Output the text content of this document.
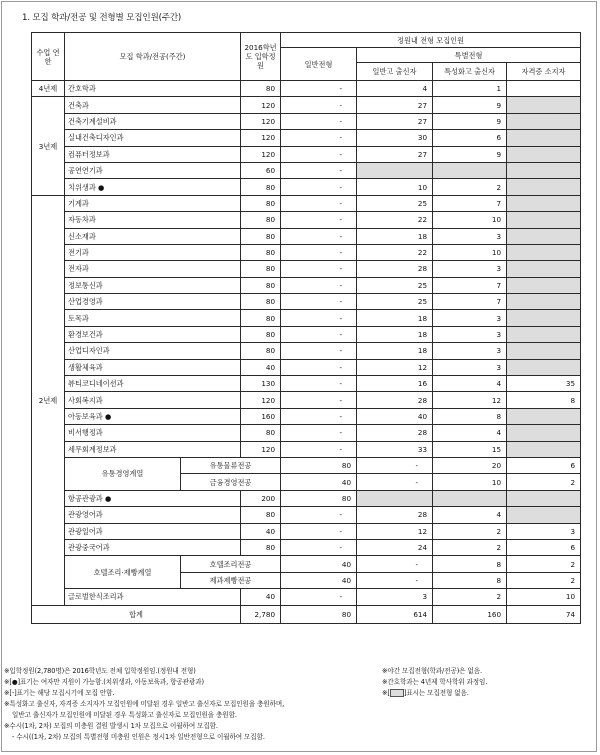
1. 모집 학과/전공 및 전형별 모집인원(주간)
수업 연한	모집 학과/전공(주간)		2016학년도 입학정원	정원내 전형 모집인원				
				일반전형	특별전형			
					일반고 출신자	특성화고 출신자	자격증 소지자	
4년제	간호학과		80	-	4	1		
3년제	건축과		120	-	27	9		
	건축기계설비과		120	-	27	9		
	실내건축디자인과		120	-	30	6		
	컴퓨터정보과		120	-	27	9		
	공연연기과		60	-				
	치위생과 ●		80	-	10	2		
2년제	기계과		80	-	25	7		
	자동차과		80	-	22	10		
	신소재과		80	-	18	3		
	전기과		80	-	22	10		
	전자과		80	-	28	3		
	정보통신과		80	-	25	7		
	산업경영과		80	-	25	7		
	토목과		80	-	18	3		
	환경보건과		80	-	18	3		
	산업디자인과		80	-	18	3		
	생활체육과		40	-	12	3		
	뷰티코디네이션과		130	-	16	4	35	
	사회복지과		120	-	28	12	8	
	아동보육과 ●		160	-	40	8		
	비서행정과		80	-	28	4		
	세무회계정보과		120	-	33	15		
	유통경영계열	유통물류전공		80	-	20	6	
		금융경영전공		40	-	10	2	
	항공관광과 ●		200	80				
	관광영어과		80	-	28	4		
	관광일어과		40	-	12	2	3	
	관광중국어과		80	-	24	2	6	
	호텔조리·제빵계열	호텔조리전공		40	-	8	2	
		제과제빵전공		40	-	8	2	
	글로벌한식조리과		40	-	3	2	10	
합계			2,780	80	614	160	74	
※입학정원(2,780명)은 2016학년도 전체 입학정원임.(정원내 전형)	※야간 모집전형(학과/전공)은 없음.
※[●]표기는 여자만 지원이 가능함.(치위생과, 아동보육과, 항공관광과)	※간호학과는 4년제 학사학위 과정임.
※[-]표기는 해당 모집시기에 모집 안함.	※[ ]표시는 모집전형 없음.
※특성화고 출신자, 자격증 소지자가 모집인원에 미달된 경우 일반고 출신자로 모집인원을 충원하며,
일반고 출신자가 모집인원에 미달된 경우 특성화고 출신자로 모집인원을 충원함.
※수시(1차, 2차) 모집의 미충원 결원 발생시 1차 모집으로 이월하여 모집함.
- 수시((1차, 2차) 모집의 특별전형 미충원 인원은 정시1차 일반전형으로 이월하여 모집함.
